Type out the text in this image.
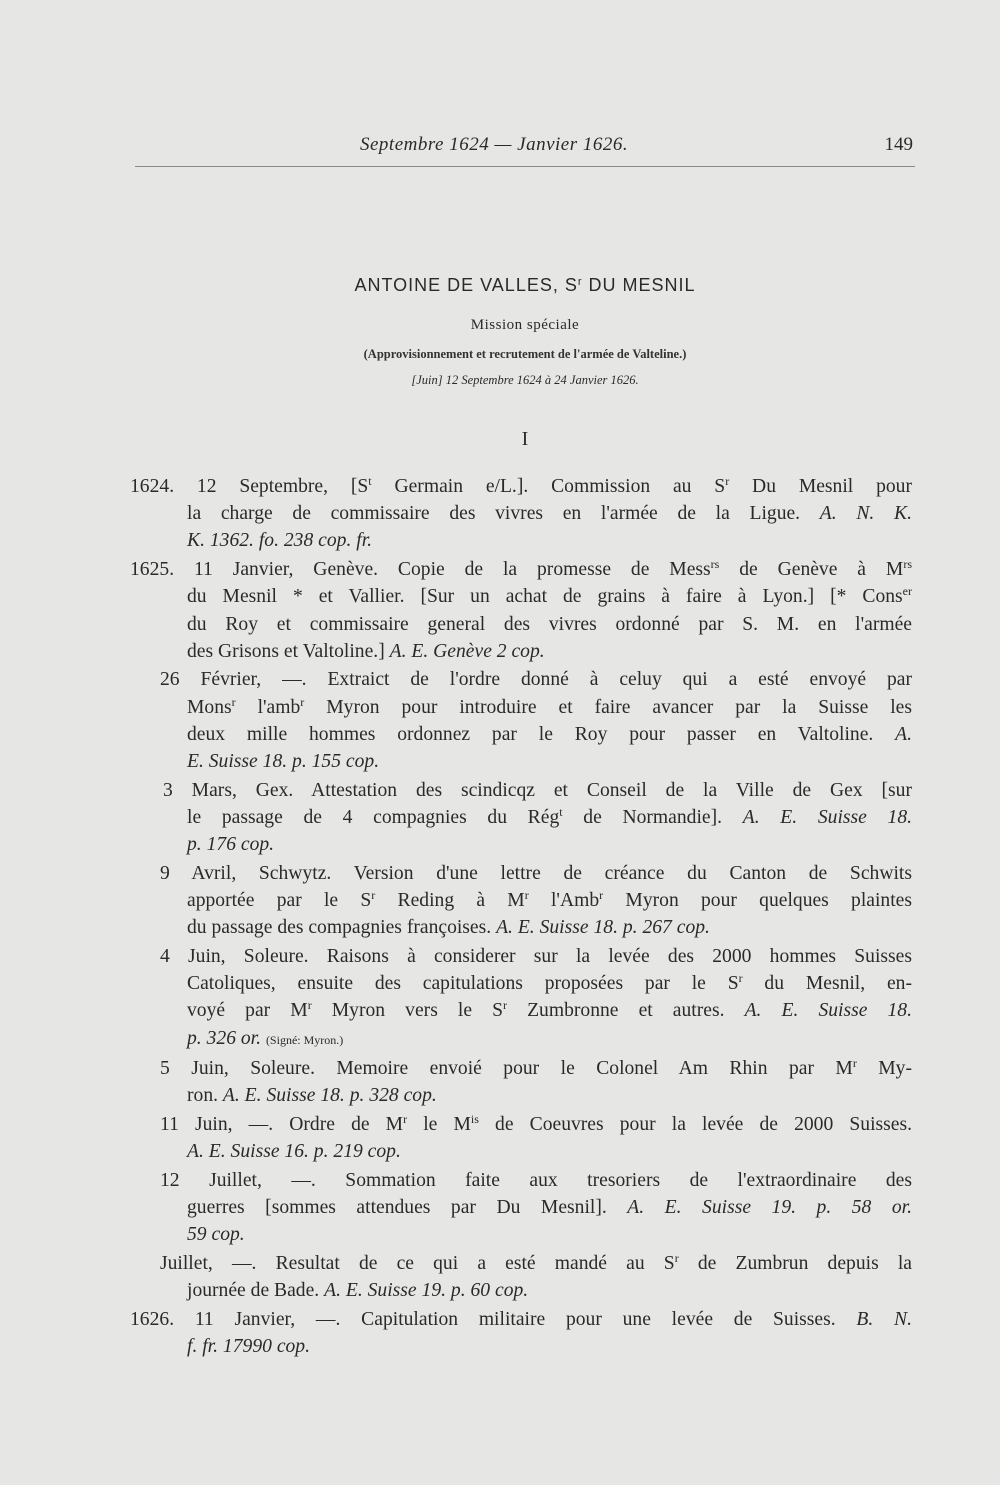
Septembre 1624 — Janvier 1626.	149
ANTOINE DE VALLES, $S^r$ DU MESNIL
Mission spéciale
(Approvisionnement et recrutement de l'armée de Valteline.)
[Juin] 12 Septembre 1624 à 24 Janvier 1626.
I
1624. 12 Septembre, [$S^t$ Germain e/L.]. Commission au $S^r$ Du Mesnil pour
la charge de commissaire des vivres en l'armée de la Ligue. A. N. K.
K. 1362. fo. 238 cop. fr.
1625. 11 Janvier, Genève. Copie de la promesse de Mess$^{rs}$ de Genève à $M^{rs}$
du Mesnil * et Vallier. [Sur un achat de grains à faire à Lyon.] [* Cons$^{er}$
du Roy et commissaire general des vivres ordonné par S. M. en l'armée
des Grisons et Valtoline.] A. E. Genève 2 cop.
26 Février, —. Extraict de l'ordre donné à celuy qui a esté envoyé par
Mons$^r$ l'amb$^r$ Myron pour introduire et faire avancer par la Suisse les
deux mille hommes ordonnez par le Roy pour passer en Valtoline. A.
E. Suisse 18. p. 155 cop.
3 Mars, Gex. Attestation des scindicqz et Conseil de la Ville de Gex [sur
le passage de 4 compagnies du Rég$^t$ de Normandie]. A. E. Suisse 18.
p. 176 cop.
9 Avril, Schwytz. Version d'une lettre de créance du Canton de Schwits
apportée par le $S^r$ Reding à $M^r$ l'Amb$^r$ Myron pour quelques plaintes
du passage des compagnies françoises. A. E. Suisse 18. p. 267 cop.
4 Juin, Soleure. Raisons à considerer sur la levée des 2000 hommes Suisses
Catoliques, ensuite des capitulations proposées par le $S^r$ du Mesnil, en-
voyé par $M^r$ Myron vers le $S^r$ Zumbronne et autres. A. E. Suisse 18.
p. 326 or. (Signé: Myron.)
5 Juin, Soleure. Memoire envoié pour le Colonel Am Rhin par $M^r$ My-
ron. A. E. Suisse 18. p. 328 cop.
11 Juin, —. Ordre de $M^r$ le $M^{is}$ de Coeuvres pour la levée de 2000 Suisses.
A. E. Suisse 16. p. 219 cop.
12 Juillet, —. Sommation faite aux tresoriers de l'extraordinaire des
guerres [sommes attendues par Du Mesnil]. A. E. Suisse 19. p. 58 or.
59 cop.
Juillet, —. Resultat de ce qui a esté mandé au $S^r$ de Zumbrun depuis la
journée de Bade. A. E. Suisse 19. p. 60 cop.
1626. 11 Janvier, —. Capitulation militaire pour une levée de Suisses. B. N.
f. fr. 17990 cop.
